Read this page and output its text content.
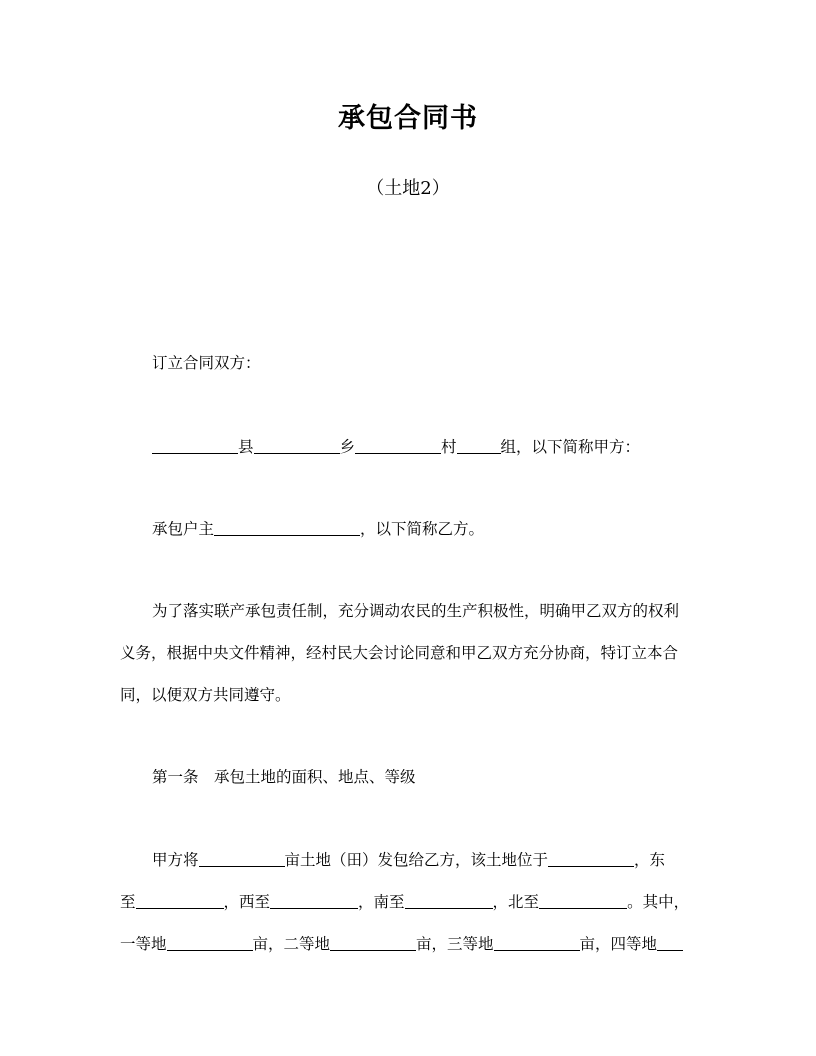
承包合同书
（土地2）
订立合同双方：
县	乡	村	组，以下简称甲方：
承包户主	，以下简称乙方。
为了落实联产承包责任制，充分调动农民的生产积极性，明确甲乙双方的权利
义务，根据中央文件精神，经村民大会讨论同意和甲乙双方充分协商，特订立本合
同，以便双方共同遵守。
第一条　承包土地的面积、地点、等级
甲方将	亩土地（田）发包给乙方，该土地位于	，东
至	，西至	，南至	，北至	。其中，
一等地	亩，二等地	亩，三等地	亩，四等地
